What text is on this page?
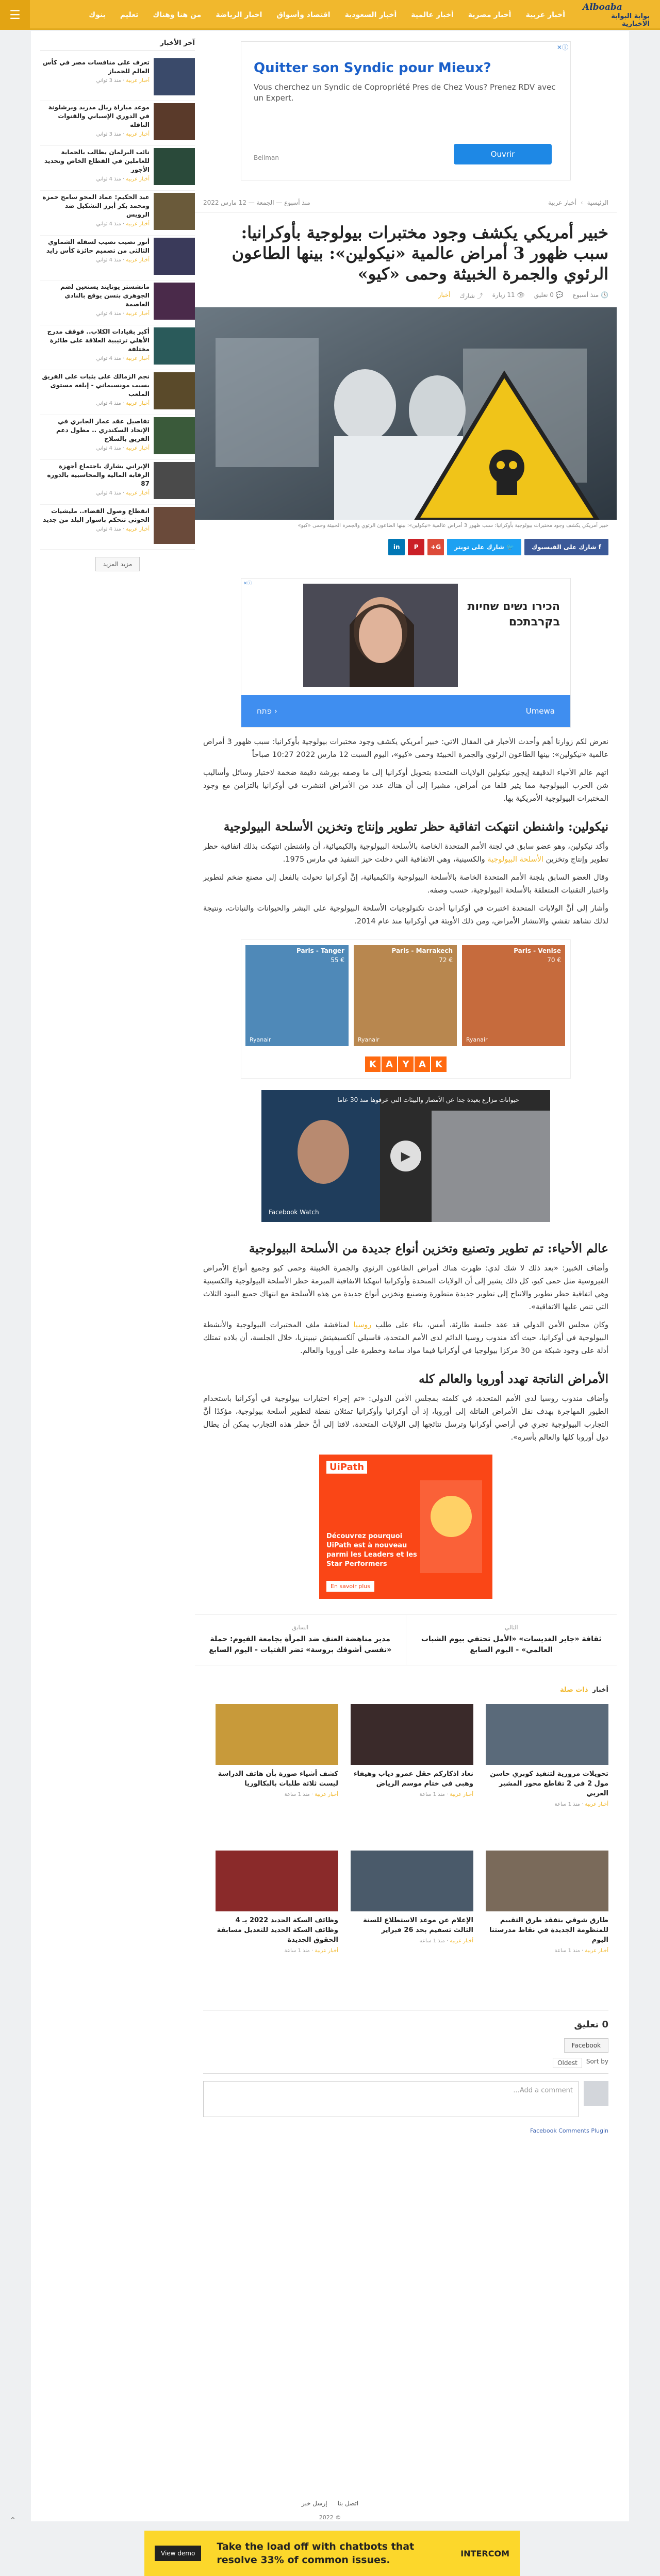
Alboaba
بوابة البوابة الاخبارية
أخبار عربية
أخبار مصرية
أخبار عالمية
أخبار السعودية
اقتصاد وأسواق
اخبار الرياضة
من هنا وهناك
تعليم
بنوك
☰
آخر الأخبار
تعرف على منافسات مصر في كأس العالم للجمباز
أخبار عربية · منذ 3 ثواني
موعد مباراة ريال مدريد وبرشلونة في الدوري الإسباني والقنوات الناقلة
أخبار عربية · منذ 3 ثواني
نائب البرلمان يطالب بالحماية للعاملين في القطاع الخاص وتحديد الأجور
أخبار عربية · منذ 4 ثواني
عبد الحكيم: عماد المحو سامح حمزة ومحمد بكر أبرز التشكيل ضد الرويس
أخبار عربية · منذ 4 ثواني
أنور تصيب نصيب لسقلة الشماوي الثالثي من تصميم جائزة كأس زايد
أخبار عربية · منذ 4 ثواني
مانشستر يونايتد يستعين لضم الجوهري بنسن يوقع بالنادي العاصمة
أخبار عربية · منذ 4 ثواني
أكبر بقيادات الكلاب.. فوقف مدرج الأهلي ترتيبية العلاقة على طائرة مختلفة
أخبار عربية · منذ 4 ثواني
نجم الزمالك على بثبات على الفريق بسبب مونسيماني - إبلغه مستوى الملعب
أخبار عربية · منذ 4 ثواني
تفاصيل عقد عمار الجابري في الإتحاد السكندري .. مطول دعم الفريق بالسلاح
أخبار عربية · منذ 4 ثواني
الإيراني يشارك باجتماع أجهزة الرقابة المالية والمحاسبية بالدورة 87
أخبار عربية · منذ 4 ثواني
انقطاع وصول القضاء.. مليشيات الحوثي تتحكم باسوار البلد من جديد
أخبار عربية · منذ 4 ثواني
مزيد المزيد
ⓘ✕
Quitter son Syndic pour Mieux?
Vous cherchez un Syndic de Copropriété Pres de Chez Vous? Prenez RDV avec un Expert.
Bellman	Ouvrir
الرئيسية
›
أخبار عربية
منذ أسبوع — الجمعة — 12 مارس 2022
خبير أمريكي يكشف وجود مختبرات بيولوجية بأوكرانيا: سبب ظهور 3 أمراض عالمية «نيكولين»: بينها الطاعون الرئوي والجمرة الخبيثة وحمى «كيو»
🕓 منذ أسبوع
💬 0 تعليق
👁 11 زيارة
⤴ شارك
أخبار
خبير أمريكي يكشف وجود مختبرات بيولوجية بأوكرانيا: سبب ظهور 3 أمراض عالمية «نيكولين»: بينها الطاعون الرئوي والجمرة الخبيثة وحمى «كيو»
f
شارك على الفيسبوك
🐦
شارك على تويتر
G+
P
in
ⓘ✕
הכירו נשים שחיות בקרבתכם
Umewa
‹ פתח

نعرض لكم زوارنا أهم وأحدث الأخبار في المقال الاتي: خبير أمريكي يكشف وجود مختبرات بيولوجية بأوكرانيا: سبب ظهور 3 أمراض عالمية «نيكولين»: بينها الطاعون الرئوي والجمرة الخبيثة وحمى «كيو»، اليوم السبت 12 مارس 2022 10:27 صباحاً

اتهم عالم الأحياء الدقيقة إيجور نيكولين الولايات المتحدة بتحويل أوكرانيا إلى ما وصفه بورشة دقيقة ضخمة لاختبار وسائل وأساليب شن الحرب البيولوجية مما يثير قلقا من أمراض، مشيرا إلى أن هناك عدد من الأمراض انتشرت في أوكرانيا بالتزامن مع وجود المختبرات البيولوجية الأمريكية بها.

نيكولين: واشنطن انتهكت اتفاقية حظر تطوير وإنتاج وتخزين الأسلحة البيولوجية

وأكد نيكولين، وهو عضو سابق في لجنة الأمم المتحدة الخاصة بالأسلحة البيولوجية والكيميائية، أن واشنطن انتهكت بذلك اتفاقية حظر تطوير وإنتاج وتخزين الأسلحة البيولوجية والكسينية، وهي الاتفاقية التي دخلت حيز التنفيذ في مارس 1975.

وقال العضو السابق بلجنة الأمم المتحدة الخاصة بالأسلحة البيولوجية والكيميائية، إنَّ أوكرانيا تحولت بالفعل إلى مصنع ضخم لتطوير واختبار التقنيات المتعلقة بالأسلحة البيولوجية، حسب وصفه.

وأشار إلى أنَّ الولايات المتحدة اختبرت في أوكرانيا أحدث تكنولوجيات الأسلحة البيولوجية على البشر والحيوانات والنباتات، ونتيجة لذلك تشاهد تفشي والانتشار الأمراض، ومن ذلك الأوبئة في أوكرانيا منذ عام 2014.

Paris - Venise
70 €
Ryanair
Paris - Marrakech
72 €
Ryanair
Paris - Tanger
55 €
Ryanair
K	A	Y	A	K
حيوانات مزارع بعيدة جدا عن الأمصار والبيئات التي عرفوها منذ 30 عاما
▶
Facebook Watch
عالم الأحياء: تم تطوير وتصنيع وتخزين أنواع جديدة من الأسلحة البيولوجية

وأضاف الخبير: «بعد ذلك لا شك لدي: ظهرت هناك أمراض الطاعون الرئوي والجمرة الخبيثة وحمى كيو وجميع أنواع الأمراض الفيروسية مثل حمى كيو، كل ذلك يشير إلى أن الولايات المتحدة وأوكرانيا انتهكتا الاتفاقية المبرمة حظر الأسلحة البيولوجية والكسينية وهي اتفاقية حظر تطوير والانتاج إلى تطوير جديدة متطورة وتصنيع وتخزين أنواع جديدة من هذه الأسلحة مع انتهاك جميع البنود الثلاث التي تنص عليها الاتفاقية».

وكان مجلس الأمن الدولي قد عقد جلسة طارئة، أمس، بناء على طلب روسيا لمناقشة ملف المختبرات البيولوجية والأنشطة البيولوجية في أوكرانيا، حيث أكد مندوب روسيا الدائم لدى الأمم المتحدة، فاسيلي آلكسيفيتش نيبينزيا، خلال الجلسة، أن بلاده تمتلك أدلة على وجود شبكة من 30 مركزا بيولوجيا في أوكرانيا فيما مواد سامة وخطيرة على أوروبا والعالم.

الأمراض الناتجة تهدد أوروبا والعالم كله

وأضاف مندوب روسيا لدى الأمم المتحدة، في كلمته بمجلس الأمن الدولي: «تم إجراء اختبارات بيولوجية في أوكرانيا باستخدام الطيور المهاجرة بهدف نقل الأمراض القاتلة إلى أوروبا، إذ أن أوكرانيا وأوكرانيا تمثلان نقطة لتطوير أسلحة بيولوجية، مؤكدًا أنَّ التجارب البيولوجية تجري في أراضي أوكرانيا وترسل نتائجها إلى الولايات المتحدة، لافتا إلى أنَّ خطر هذه التجارب يمكن أن يطال دول أوروبا كلها والعالم بأسره».

UiPath
Découvrez pourquoi UiPath est à nouveau parmi les Leaders et les Star Performers
En savoir plus
التالي
ثقافة «جاير الغديسات» «الأمل تحتفي بيوم الشباب العالمي» - اليوم السابع
السابق
مدير مناهضة العنف ضد المرأة بجامعة الفيوم: حملة «نفسي أشوفك بروسة» تضر الفتيات - اليوم السابع
أخبار
ذات صلة
تحويلات مرورية لتنفيذ كوبري حاسن مول 2 في 2 تقاطع محور المشير الغربي
أخبار عربية · منذ 1 ساعة
نعاد اذكاركم حقل عمرو دياب وهيفاء وهبي في ختام موسم الرياض
أخبار عربية · منذ 1 ساعة
كشف أشياء صورة بأن هاتف الدراسة ليست ثلاثة طلبات بالبكالوريا
أخبار عربية · منذ 1 ساعة
طارق شوقي يتفقد طرق التقييم للمنظومة الجديدة في نقاط مدرستنا اليوم
أخبار عربية · منذ 1 ساعة
الإعلام عن موعد الاستطلاع للسنة الثالث تسفيم بحد 26 فبراير
أخبار عربية · منذ 1 ساعة
وظائف السكة الحديد 2022 بـ 4 وظائف السكة الحديد للتعديل مسابقة الحقوق الجديدة
أخبار عربية · منذ 1 ساعة
0 تعليق
Facebook
Sort by
Oldest
Add a comment...
Facebook Comments Plugin
اتصل بنا
إرسل خبر
© 2022
⌃
INTERCOM
Take the load off with chatbots that resolve 33% of common issues.
View demo
